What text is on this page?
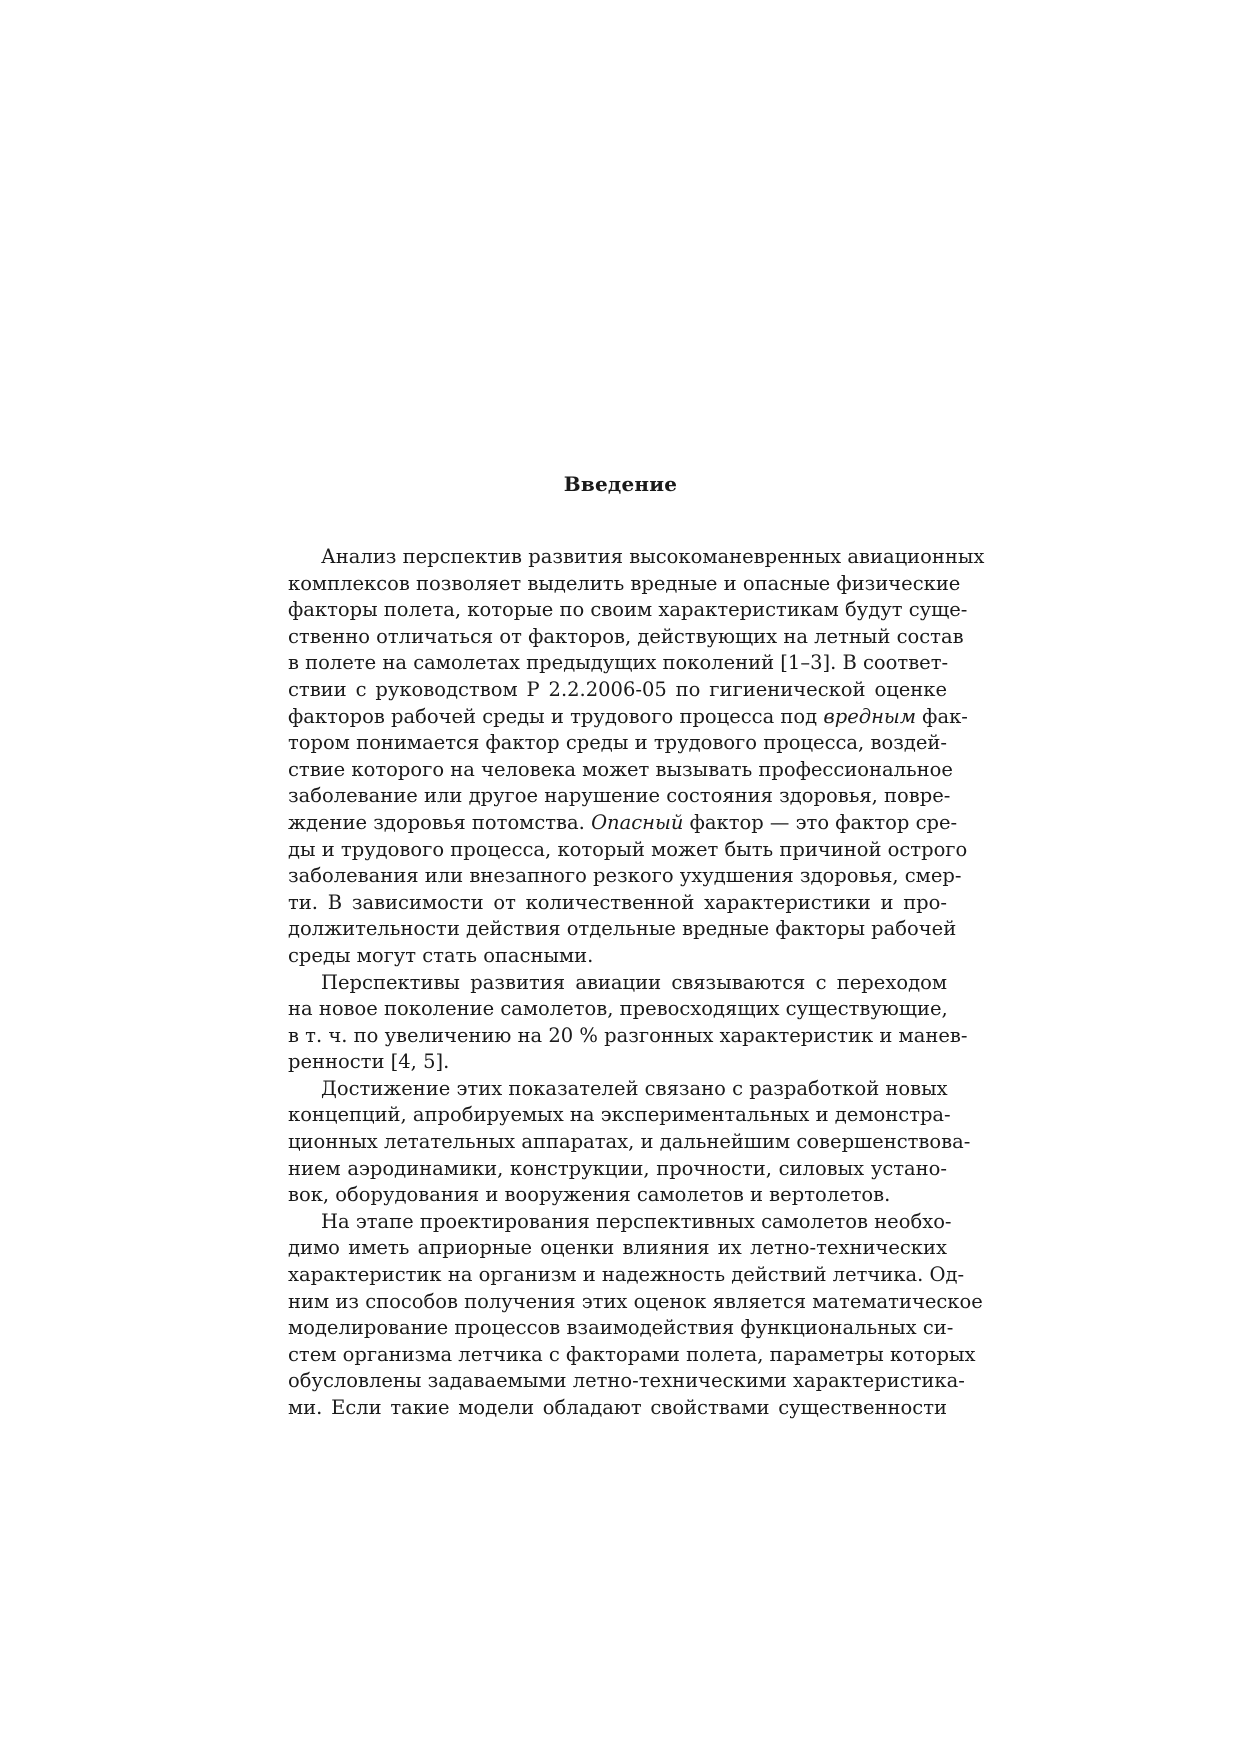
Введение
Анализ перспектив развития высокоманевренных авиационных
комплексов позволяет выделить вредные и опасные физические
факторы полета, которые по своим характеристикам будут суще-
ственно отличаться от факторов, действующих на летный состав
в полете на самолетах предыдущих поколений [1–3]. В соответ-
ствии с руководством Р 2.2.2006-05 по гигиенической оценке
факторов рабочей среды и трудового процесса под вредным фак-
тором понимается фактор среды и трудового процесса, воздей-
ствие которого на человека может вызывать профессиональное
заболевание или другое нарушение состояния здоровья, повре-
ждение здоровья потомства. Опасный фактор — это фактор сре-
ды и трудового процесса, который может быть причиной острого
заболевания или внезапного резкого ухудшения здоровья, смер-
ти. В зависимости от количественной характеристики и про-
должительности действия отдельные вредные факторы рабочей
среды могут стать опасными.
Перспективы развития авиации связываются с переходом
на новое поколение самолетов, превосходящих существующие,
в т. ч. по увеличению на 20 % разгонных характеристик и манев-
ренности [4, 5].
Достижение этих показателей связано с разработкой новых
концепций, апробируемых на экспериментальных и демонстра-
ционных летательных аппаратах, и дальнейшим совершенствова-
нием аэродинамики, конструкции, прочности, силовых устано-
вок, оборудования и вооружения самолетов и вертолетов.
На этапе проектирования перспективных самолетов необхо-
димо иметь априорные оценки влияния их летно-технических
характеристик на организм и надежность действий летчика. Од-
ним из способов получения этих оценок является математическое
моделирование процессов взаимодействия функциональных си-
стем организма летчика с факторами полета, параметры которых
обусловлены задаваемыми летно-техническими характеристика-
ми. Если такие модели обладают свойствами существенности
